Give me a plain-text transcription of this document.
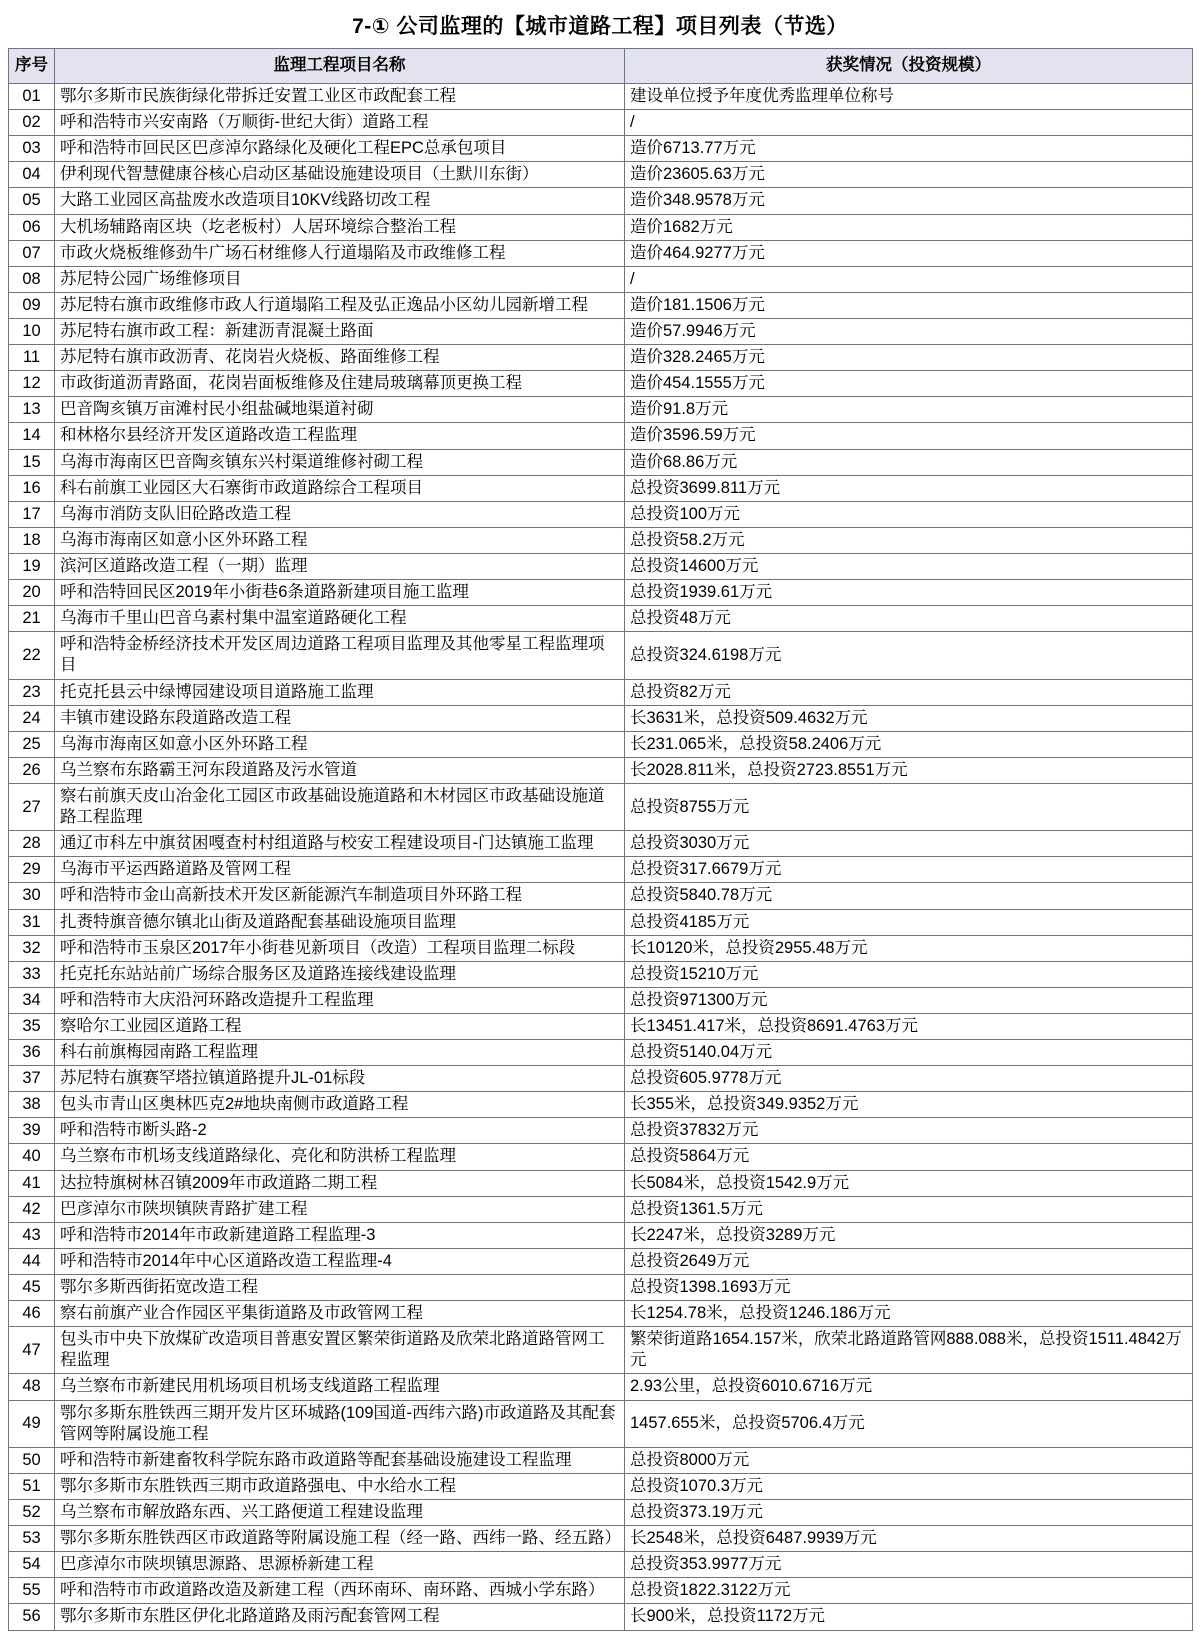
7-① 公司监理的【城市道路工程】项目列表（节选）
序号	监理工程项目名称	获奖情况（投资规模）
01	鄂尔多斯市民族街绿化带拆迁安置工业区市政配套工程	建设单位授予年度优秀监理单位称号
02	呼和浩特市兴安南路（万顺街-世纪大街）道路工程	/
03	呼和浩特市回民区巴彦淖尔路绿化及硬化工程EPC总承包项目	造价6713.77万元
04	伊利现代智慧健康谷核心启动区基础设施建设项目（土默川东街）	造价23605.63万元
05	大路工业园区高盐废水改造项目10KV线路切改工程	造价348.9578万元
06	大机场辅路南区块（圪老板村）人居环境综合整治工程	造价1682万元
07	市政火烧板维修劲牛广场石材维修人行道塌陷及市政维修工程	造价464.9277万元
08	苏尼特公园广场维修项目	/
09	苏尼特右旗市政维修市政人行道塌陷工程及弘正逸品小区幼儿园新增工程	造价181.1506万元
10	苏尼特右旗市政工程：新建沥青混凝土路面	造价57.9946万元
11	苏尼特右旗市政沥青、花岗岩火烧板、路面维修工程	造价328.2465万元
12	市政街道沥青路面，花岗岩面板维修及住建局玻璃幕顶更换工程	造价454.1555万元
13	巴音陶亥镇万亩滩村民小组盐碱地渠道衬砌	造价91.8万元
14	和林格尔县经济开发区道路改造工程监理	造价3596.59万元
15	乌海市海南区巴音陶亥镇东兴村渠道维修衬砌工程	造价68.86万元
16	科右前旗工业园区大石寨街市政道路综合工程项目	总投资3699.811万元
17	乌海市消防支队旧砼路改造工程	总投资100万元
18	乌海市海南区如意小区外环路工程	总投资58.2万元
19	滨河区道路改造工程（一期）监理	总投资14600万元
20	呼和浩特回民区2019年小街巷6条道路新建项目施工监理	总投资1939.61万元
21	乌海市千里山巴音乌素村集中温室道路硬化工程	总投资48万元
22	呼和浩特金桥经济技术开发区周边道路工程项目监理及其他零星工程监理项目	总投资324.6198万元
23	托克托县云中绿博园建设项目道路施工监理	总投资82万元
24	丰镇市建设路东段道路改造工程	长3631米，总投资509.4632万元
25	乌海市海南区如意小区外环路工程	长231.065米，总投资58.2406万元
26	乌兰察布东路霸王河东段道路及污水管道	长2028.811米，总投资2723.8551万元
27	察右前旗天皮山冶金化工园区市政基础设施道路和木材园区市政基础设施道路工程监理	总投资8755万元
28	通辽市科左中旗贫困嘎查村村组道路与校安工程建设项目-门达镇施工监理	总投资3030万元
29	乌海市平运西路道路及管网工程	总投资317.6679万元
30	呼和浩特市金山高新技术开发区新能源汽车制造项目外环路工程	总投资5840.78万元
31	扎赉特旗音德尔镇北山街及道路配套基础设施项目监理	总投资4185万元
32	呼和浩特市玉泉区2017年小街巷见新项目（改造）工程项目监理二标段	长10120米，总投资2955.48万元
33	托克托东站站前广场综合服务区及道路连接线建设监理	总投资15210万元
34	呼和浩特市大庆沿河环路改造提升工程监理	总投资971300万元
35	察哈尔工业园区道路工程	长13451.417米，总投资8691.4763万元
36	科右前旗梅园南路工程监理	总投资5140.04万元
37	苏尼特右旗赛罕塔拉镇道路提升JL-01标段	总投资605.9778万元
38	包头市青山区奥林匹克2#地块南侧市政道路工程	长355米，总投资349.9352万元
39	呼和浩特市断头路-2	总投资37832万元
40	乌兰察布市机场支线道路绿化、亮化和防洪桥工程监理	总投资5864万元
41	达拉特旗树林召镇2009年市政道路二期工程	长5084米，总投资1542.9万元
42	巴彦淖尔市陕坝镇陕青路扩建工程	总投资1361.5万元
43	呼和浩特市2014年市政新建道路工程监理-3	长2247米，总投资3289万元
44	呼和浩特市2014年中心区道路改造工程监理-4	总投资2649万元
45	鄂尔多斯西街拓宽改造工程	总投资1398.1693万元
46	察右前旗产业合作园区平集街道路及市政管网工程	长1254.78米，总投资1246.186万元
47	包头市中央下放煤矿改造项目普惠安置区繁荣街道路及欣荣北路道路管网工程监理	繁荣街道路1654.157米，欣荣北路道路管网888.088米，总投资1511.4842万元
48	乌兰察布市新建民用机场项目机场支线道路工程监理	2.93公里，总投资6010.6716万元
49	鄂尔多斯东胜铁西三期开发片区环城路(109国道-西纬六路)市政道路及其配套管网等附属设施工程	1457.655米，总投资5706.4万元
50	呼和浩特市新建畜牧科学院东路市政道路等配套基础设施建设工程监理	总投资8000万元
51	鄂尔多斯市东胜铁西三期市政道路强电、中水给水工程	总投资1070.3万元
52	乌兰察布市解放路东西、兴工路便道工程建设监理	总投资373.19万元
53	鄂尔多斯东胜铁西区市政道路等附属设施工程（经一路、西纬一路、经五路）	长2548米，总投资6487.9939万元
54	巴彦淖尔市陕坝镇思源路、思源桥新建工程	总投资353.9977万元
55	呼和浩特市市政道路改造及新建工程（西环南环、南环路、西城小学东路）	总投资1822.3122万元
56	鄂尔多斯市东胜区伊化北路道路及雨污配套管网工程	长900米，总投资1172万元
